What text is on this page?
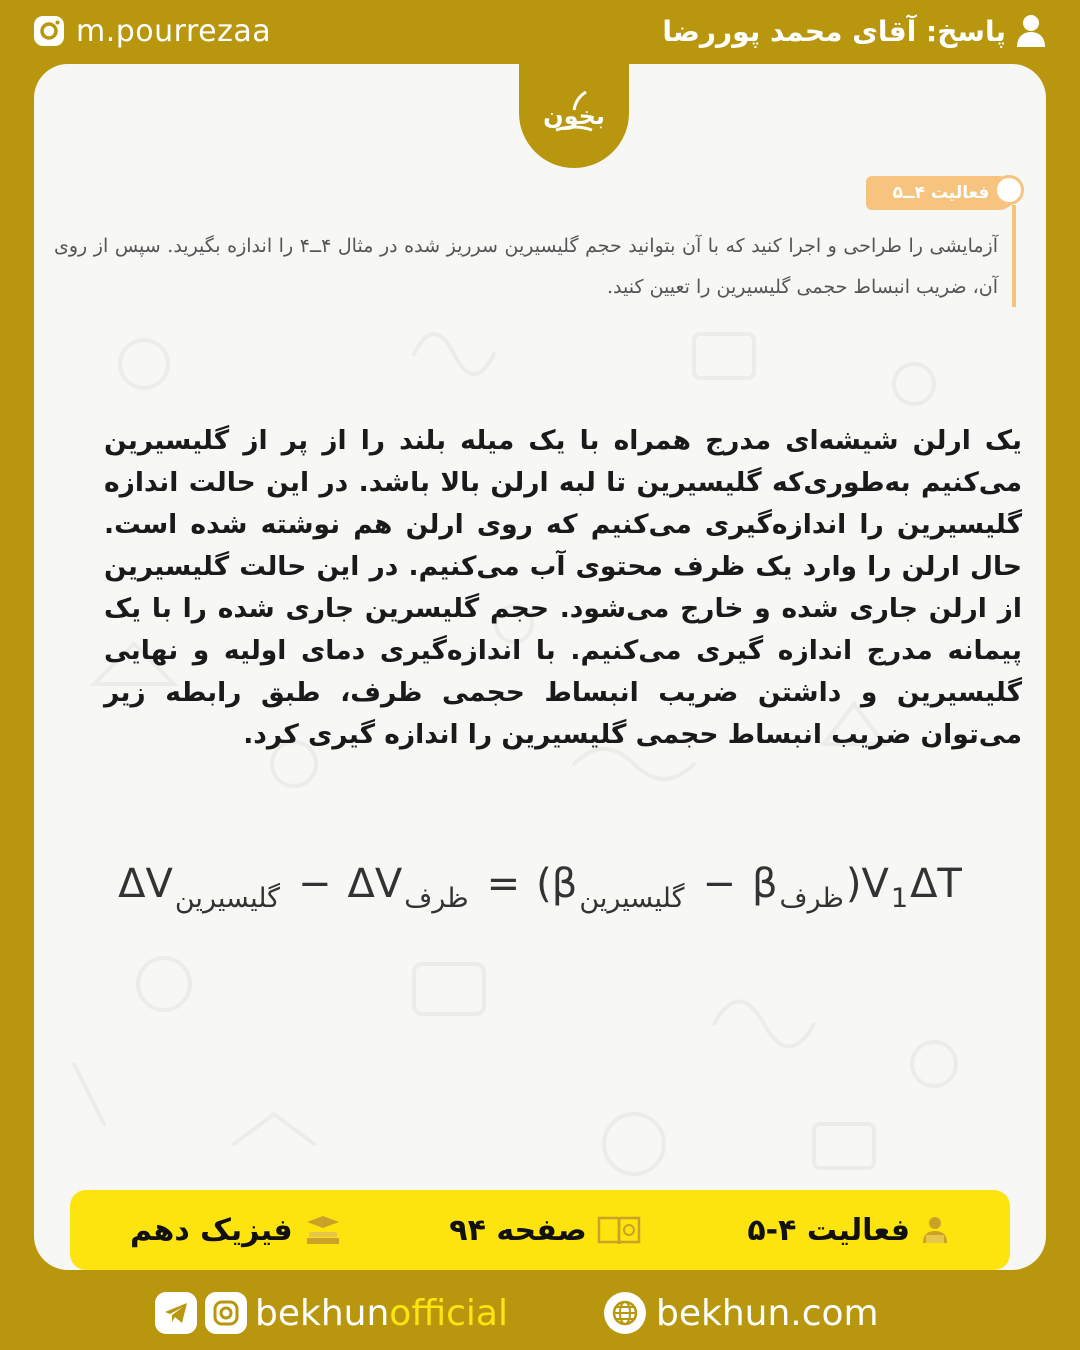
m.pourrezaa	پاسخ: آقای محمد پوررضا
بخون
فعالیت ۴ــ۵
آزمایشی را طراحی و اجرا کنید که با آن بتوانید حجم گلیسیرین سرریز شده در مثال ۴ــ۴ را اندازه بگیرید. سپس از روی آن، ضریب انبساط حجمی گلیسیرین را تعیین کنید.
یک ارلن شیشه‌ای مدرج همراه با یک میله بلند را از پر از گلیسیرین می‌کنیم به‌طوری‌که گلیسیرین تا لبه ارلن بالا باشد. در این حالت اندازه گلیسیرین را اندازه‌گیری می‌کنیم که روی ارلن هم نوشته شده است. حال ارلن را وارد یک ظرف محتوی آب می‌کنیم. در این حالت گلیسیرین از ارلن جاری شده و خارج می‌شود. حجم گلیسرین جاری شده را با یک پیمانه مدرج اندازه گیری می‌کنیم. با اندازه‌گیری دمای اولیه و نهایی گلیسیرین و داشتن ضریب انبساط حجمی ظرف، طبق رابطه زیر می‌توان ضریب انبساط حجمی گلیسیرین را اندازه گیری کرد.
ΔV گلیسیرین − ΔV ظرف = ( β گلیسیرین − β ظرف ) V 1 ΔT
فعالیت ۴-۵
صفحه ۹۴
فیزیک دهم
bekhunofficial	bekhun.com
